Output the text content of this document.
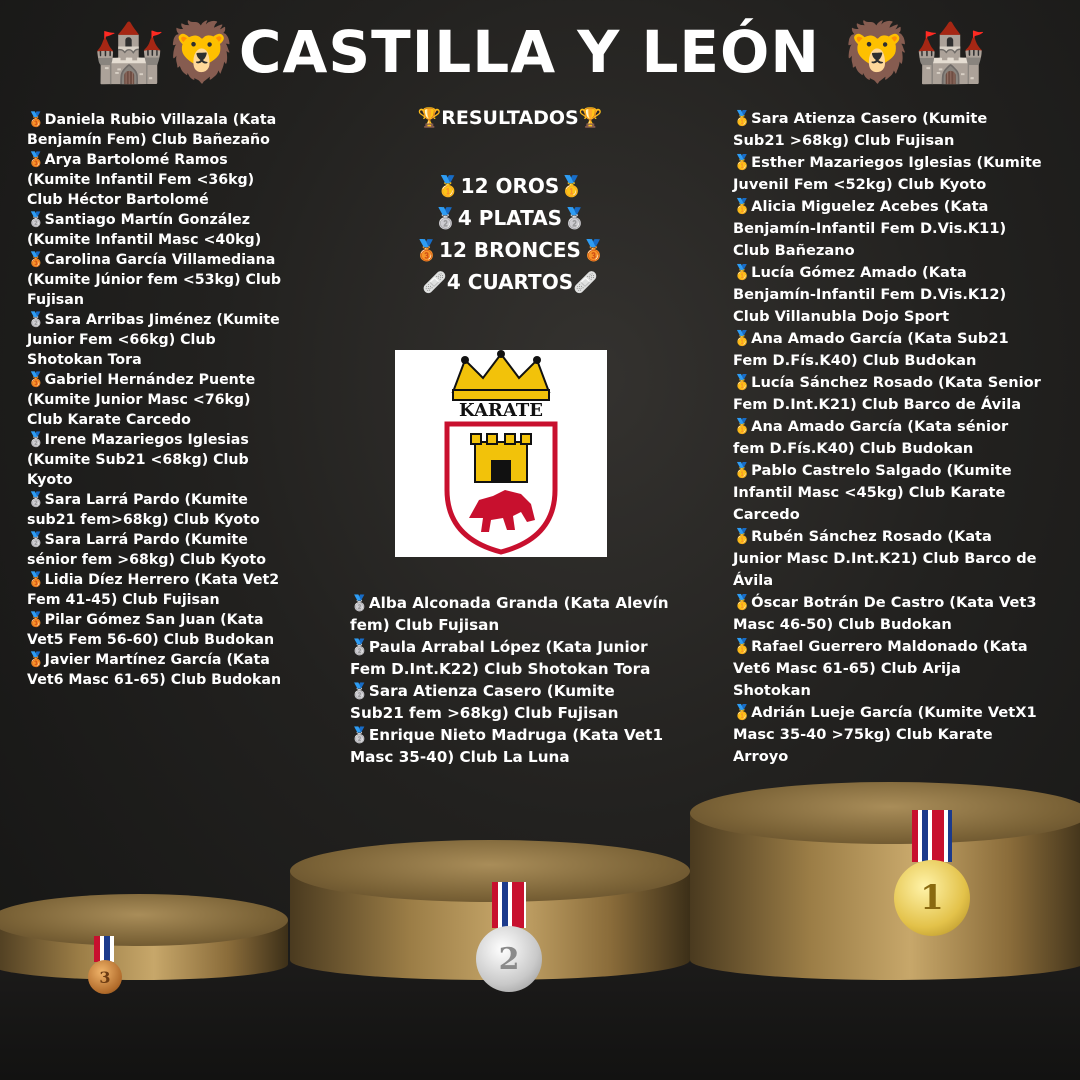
🏰🦁CASTILLA Y LEÓN 🦁🏰
🥉Daniela Rubio Villazala (Kata Benjamín Fem) Club Bañezaño
🥉Arya Bartolomé Ramos (Kumite Infantil Fem <36kg) Club Héctor Bartolomé
🥈Santiago Martín González (Kumite Infantil Masc <40kg)
🥉Carolina García Villamediana (Kumite Júnior fem <53kg) Club Fujisan
🥈Sara Arribas Jiménez (Kumite Junior Fem <66kg) Club Shotokan Tora
🥉Gabriel Hernández Puente (Kumite Junior Masc <76kg) Club Karate Carcedo
🥈Irene Mazariegos Iglesias (Kumite Sub21 <68kg) Club Kyoto
🥈Sara Larrá Pardo (Kumite sub21 fem>68kg) Club Kyoto
🥈Sara Larrá Pardo (Kumite sénior fem >68kg) Club Kyoto
🥉Lidia Díez Herrero (Kata Vet2 Fem 41-45) Club Fujisan
🥉Pilar Gómez San Juan (Kata Vet5 Fem 56-60) Club Budokan
🥉Javier Martínez García (Kata Vet6 Masc 61-65) Club Budokan
🏆RESULTADOS🏆
🥇12 OROS🥇
🥈4 PLATAS🥈
🥉12 BRONCES🥉
🩹4 CUARTOS🩹
KARATE
🥈Alba Alconada Granda (Kata Alevín fem) Club Fujisan
🥈Paula Arrabal López (Kata Junior Fem D.Int.K22) Club Shotokan Tora
🥈Sara Atienza Casero (Kumite Sub21 fem >68kg) Club Fujisan
🥈Enrique Nieto Madruga (Kata Vet1 Masc 35-40) Club La Luna
🥇Sara Atienza Casero (Kumite Sub21 >68kg) Club Fujisan
🥇Esther Mazariegos Iglesias (Kumite Juvenil Fem <52kg) Club Kyoto
🥇Alicia Miguelez Acebes (Kata Benjamín-Infantil Fem D.Vis.K11) Club Bañezano
🥇Lucía Gómez Amado (Kata Benjamín-Infantil Fem D.Vis.K12) Club Villanubla Dojo Sport
🥇Ana Amado García (Kata Sub21 Fem D.Fís.K40) Club Budokan
🥇Lucía Sánchez Rosado (Kata Senior Fem D.Int.K21) Club Barco de Ávila
🥇Ana Amado García (Kata sénior fem D.Fís.K40) Club Budokan
🥇Pablo Castrelo Salgado (Kumite Infantil Masc <45kg) Club Karate Carcedo
🥇Rubén Sánchez Rosado (Kata Junior Masc D.Int.K21) Club Barco de Ávila
🥇Óscar Botrán De Castro (Kata Vet3 Masc 46-50) Club Budokan
🥇Rafael Guerrero Maldonado (Kata Vet6 Masc 61-65) Club Arija Shotokan
🥇Adrián Lueje García (Kumite VetX1 Masc 35-40 >75kg) Club Karate Arroyo
3
2
1
